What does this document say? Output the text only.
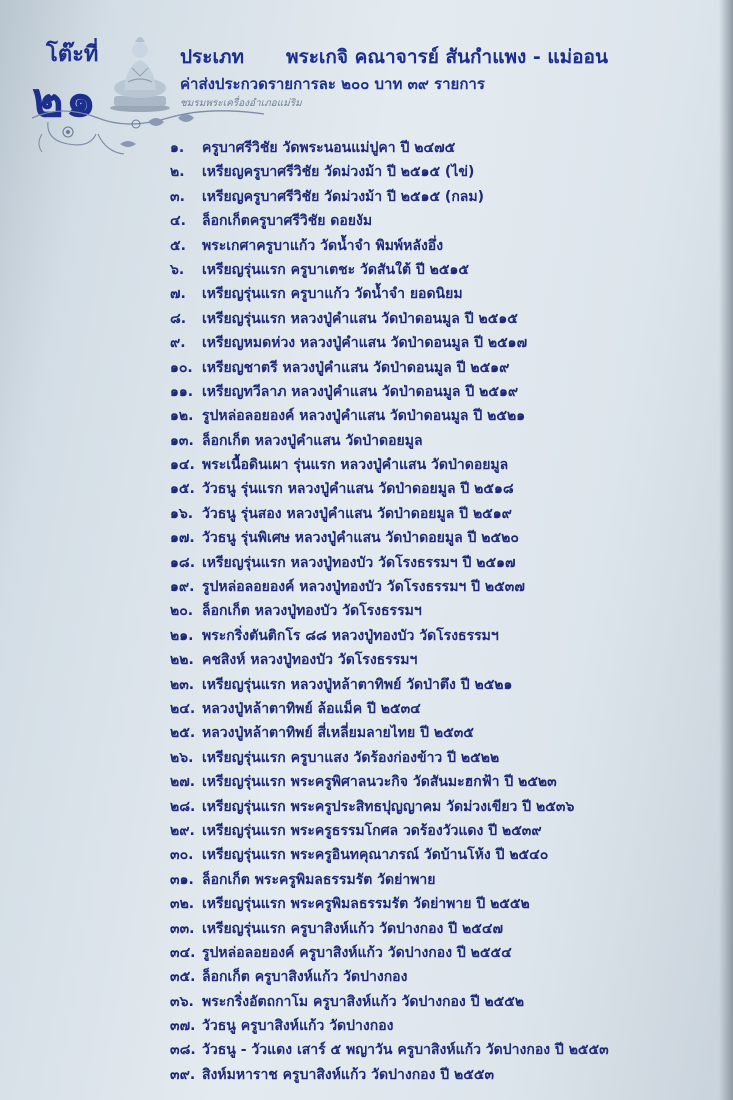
โต๊ะที่
๒๑
ประเภท พระเกจิ คณาจารย์ สันกำแพง - แม่ออน
ค่าส่งประกวดรายการละ ๒๐๐ บาท ๓๙ รายการ
ชมรมพระเครื่องอำเภอแม่ริม
๑.	ครูบาศรีวิชัย วัดพระนอนแม่ปูคา ปี ๒๔๗๕
๒.	เหรียญครูบาศรีวิชัย วัดม่วงม้า ปี ๒๕๑๕ (ไข่)
๓.	เหรียญครูบาศรีวิชัย วัดม่วงม้า ปี ๒๕๑๕ (กลม)
๔.	ล็อกเก็ตครูบาศรีวิชัย ดอยงัม
๕.	พระเกศาครูบาแก้ว วัดน้ำจำ พิมพ์หลังอึ่ง
๖.	เหรียญรุ่นแรก ครูบาเตชะ วัดสันใต้ ปี ๒๕๑๕
๗.	เหรียญรุ่นแรก ครูบาแก้ว วัดน้ำจำ ยอดนิยม
๘.	เหรียญรุ่นแรก หลวงปู่คำแสน วัดป่าดอนมูล ปี ๒๕๑๕
๙.	เหรียญหมดห่วง หลวงปู่คำแสน วัดป่าดอนมูล ปี ๒๕๑๗
๑๐. เหรียญชาตรี หลวงปู่คำแสน วัดป่าดอนมูล ปี ๒๕๑๙
๑๑. เหรียญทวีลาภ หลวงปู่คำแสน วัดป่าดอนมูล ปี ๒๕๑๙
๑๒. รูปหล่อลอยองค์ หลวงปู่คำแสน วัดป่าดอนมูล ปี ๒๕๒๑
๑๓. ล็อกเก็ต หลวงปู่คำแสน วัดป่าดอยมูล
๑๔. พระเนื้อดินเผา รุ่นแรก หลวงปู่คำแสน วัดป่าดอยมูล
๑๕. วัวธนู รุ่นแรก หลวงปู่คำแสน วัดป่าดอยมูล ปี ๒๕๑๘
๑๖. วัวธนู รุ่นสอง หลวงปู่คำแสน วัดป่าดอยมูล ปี ๒๕๑๙
๑๗. วัวธนู รุ่นพิเศษ หลวงปู่คำแสน วัดป่าดอยมูล ปี ๒๕๒๐
๑๘. เหรียญรุ่นแรก หลวงปู่ทองบัว วัดโรงธรรมฯ ปี ๒๕๑๗
๑๙. รูปหล่อลอยองค์ หลวงปู่ทองบัว วัดโรงธรรมฯ ปี ๒๕๓๗
๒๐. ล็อกเก็ต หลวงปู่ทองบัว วัดโรงธรรมฯ
๒๑. พระกริ่งตันติกโร ๘๘ หลวงปู่ทองบัว วัดโรงธรรมฯ
๒๒. คชสิงห์ หลวงปู่ทองบัว วัดโรงธรรมฯ
๒๓. เหรียญรุ่นแรก หลวงปู่หล้าตาทิพย์ วัดป่าตึง ปี ๒๕๒๑
๒๔. หลวงปู่หล้าตาทิพย์ ล้อแม็ค ปี ๒๕๓๔
๒๕. หลวงปู่หล้าตาทิพย์ สี่เหลี่ยมลายไทย ปี ๒๕๓๕
๒๖. เหรียญรุ่นแรก ครูบาแสง วัดร้องก่องข้าว ปี ๒๕๒๒
๒๗. เหรียญรุ่นแรก พระครูพิศาลนวะกิจ วัดสันมะฮกฟ้า ปี ๒๕๒๓
๒๘. เหรียญรุ่นแรก พระครูประสิทธปุญญาคม วัดม่วงเขียว ปี ๒๕๓๖
๒๙. เหรียญรุ่นแรก พระครูธรรมโกศล วดร้องวัวแดง ปี ๒๕๓๙
๓๐. เหรียญรุ่นแรก พระครูอินทคุณาภรณ์ วัดบ้านโห้ง ปี ๒๕๔๐
๓๑. ล็อกเก็ต พระครูพิมลธรรมรัต วัดย่าพาย
๓๒. เหรียญรุ่นแรก พระครูพิมลธรรมรัต วัดย่าพาย ปี ๒๕๕๒
๓๓. เหรียญรุ่นแรก ครูบาสิงห์แก้ว วัดปางกอง ปี ๒๕๔๗
๓๔. รูปหล่อลอยองค์ ครูบาสิงห์แก้ว วัดปางกอง ปี ๒๕๕๔
๓๕. ล็อกเก็ต ครูบาสิงห์แก้ว วัดปางกอง
๓๖. พระกริ่งอัตถกาโม ครูบาสิงห์แก้ว วัดปางกอง ปี ๒๕๕๒
๓๗. วัวธนู ครูบาสิงห์แก้ว วัดปางกอง
๓๘. วัวธนู - วัวแดง เสาร์ ๕ พญาวัน ครูบาสิงห์แก้ว วัดปางกอง ปี ๒๕๕๓
๓๙. สิงห์มหาราช ครูบาสิงห์แก้ว วัดปางกอง ปี ๒๕๕๓
